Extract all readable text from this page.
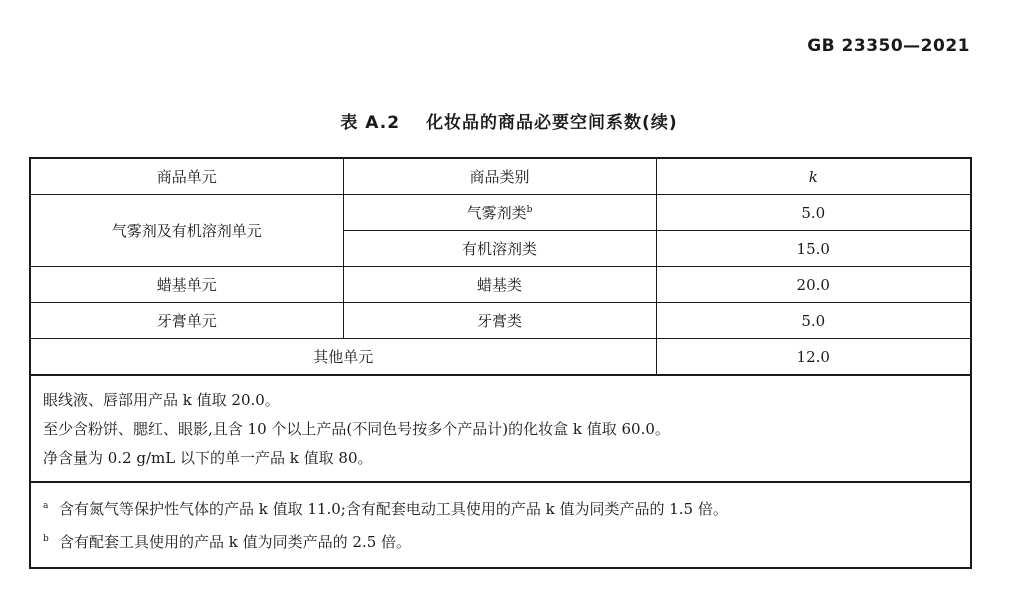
GB 23350—2021
表 A.2 化妆品的商品必要空间系数(续)
商品单元	商品类别	k
气雾剂及有机溶剂单元	气雾剂类$^b$	5.0
	有机溶剂类	15.0
蜡基单元	蜡基类	20.0
牙膏单元	牙膏类	5.0
其他单元		12.0

眼线液、唇部用产品 k 值取 20.0。
至少含粉饼、腮红、眼影,且含 10 个以上产品(不同色号按多个产品计)的化妆盒 k 值取 60.0。
净含量为 0.2 g/mL 以下的单一产品 k 值取 80。		

a 含有氮气等保护性气体的产品 k 值取 11.0;含有配套电动工具使用的产品 k 值为同类产品的 1.5 倍。
b 含有配套工具使用的产品 k 值为同类产品的 2.5 倍。		
